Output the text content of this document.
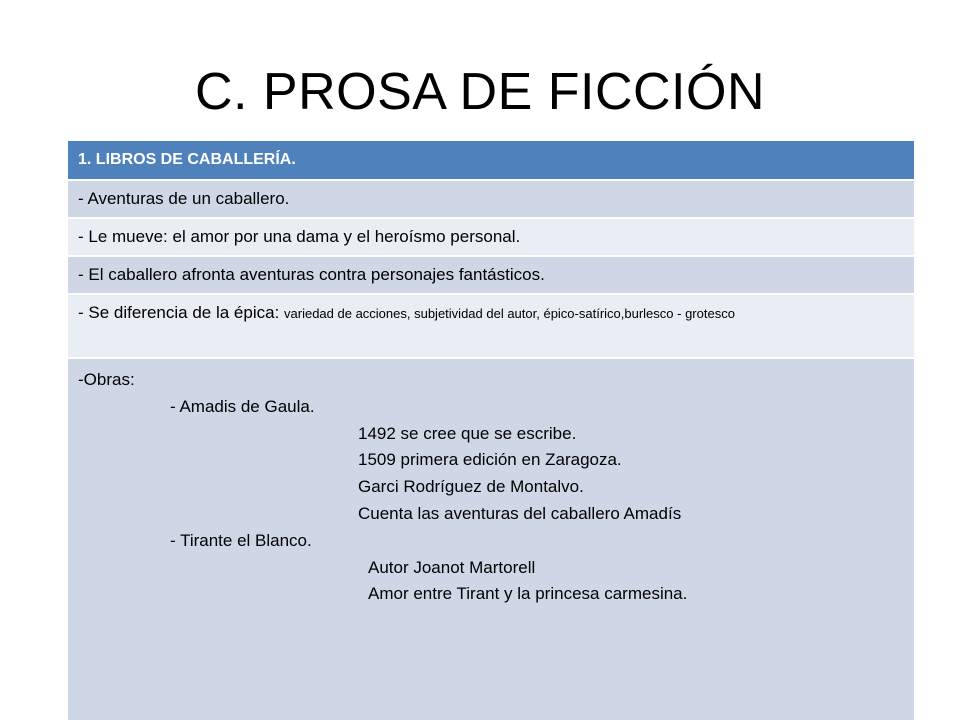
C. PROSA DE FICCIÓN
1. LIBROS DE CABALLERÍA.
- Aventuras de un caballero.
- Le mueve: el amor por una dama y el heroísmo personal.
- El caballero afronta aventuras contra personajes fantásticos.
- Se diferencia de la épica: variedad de acciones, subjetividad del autor, épico-satírico,burlesco - grotesco
-Obras:
- Amadis de Gaula.
1492 se cree que se escribe.
1509 primera edición en Zaragoza.
Garci Rodríguez de Montalvo.
Cuenta las aventuras del caballero Amadís
- Tirante el Blanco.
Autor Joanot Martorell
Amor entre Tirant y la princesa carmesina.
